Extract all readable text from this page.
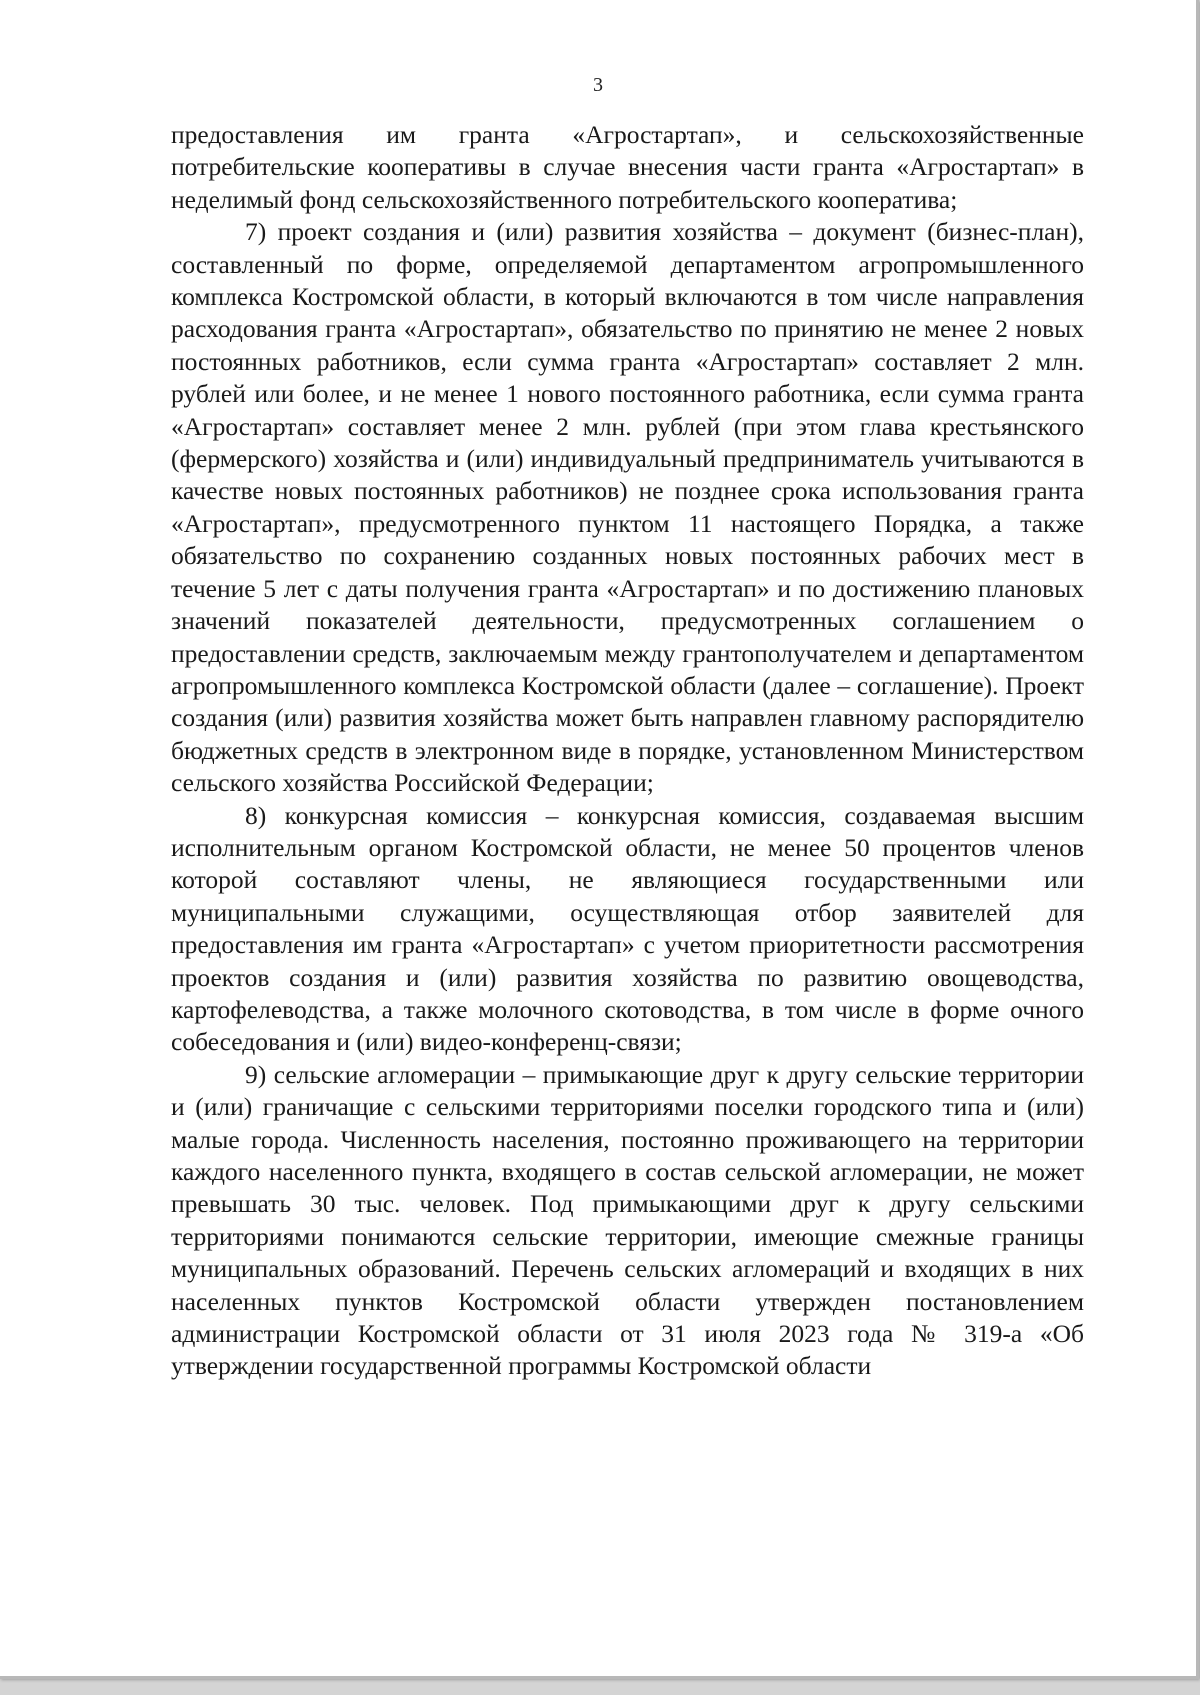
3

предоставления им гранта «Агростартап», и сельскохозяйственные потребительские кооперативы в случае внесения части гранта «Агростартап» в неделимый фонд сельскохозяйственного потребительского кооператива;

7) проект создания и (или) развития хозяйства – документ (бизнес-план), составленный по форме, определяемой департаментом агропромышленного комплекса Костромской области, в который включаются в том числе направления расходования гранта «Агростартап», обязательство по принятию не менее 2 новых постоянных работников, если сумма гранта «Агростартап» составляет 2 млн. рублей или более, и не менее 1 нового постоянного работника, если сумма гранта «Агростартап» составляет менее 2 млн. рублей (при этом глава крестьянского (фермерского) хозяйства и (или) индивидуальный предприниматель учитываются в качестве новых постоянных работников) не позднее срока использования гранта «Агростартап», предусмотренного пунктом 11 настоящего Порядка, а также обязательство по сохранению созданных новых постоянных рабочих мест в течение 5 лет с даты получения гранта «Агростартап» и по достижению плановых значений показателей деятельности, предусмотренных соглашением о предоставлении средств, заключаемым между грантополучателем и департаментом агропромышленного комплекса Костромской области (далее – соглашение). Проект создания (или) развития хозяйства может быть направлен главному распорядителю бюджетных средств в электронном виде в порядке, установленном Министерством сельского хозяйства Российской Федерации;

8) конкурсная комиссия – конкурсная комиссия, создаваемая высшим исполнительным органом Костромской области, не менее 50 процентов членов которой составляют члены, не являющиеся государственными или муниципальными служащими, осуществляющая отбор заявителей для предоставления им гранта «Агростартап» с учетом приоритетности рассмотрения проектов создания и (или) развития хозяйства по развитию овощеводства, картофелеводства, а также молочного скотоводства, в том числе в форме очного собеседования и (или) видео-конференц-связи;

9) сельские агломерации – примыкающие друг к другу сельские территории и (или) граничащие с сельскими территориями поселки городского типа и (или) малые города. Численность населения, постоянно проживающего на территории каждого населенного пункта, входящего в состав сельской агломерации, не может превышать 30 тыс. человек. Под примыкающими друг к другу сельскими территориями понимаются сельские территории, имеющие смежные границы муниципальных образований. Перечень сельских агломераций и входящих в них населенных пунктов Костромской области утвержден постановлением администрации Костромской области от 31 июля 2023 года № 319-а «Об утверждении государственной программы Костромской области
